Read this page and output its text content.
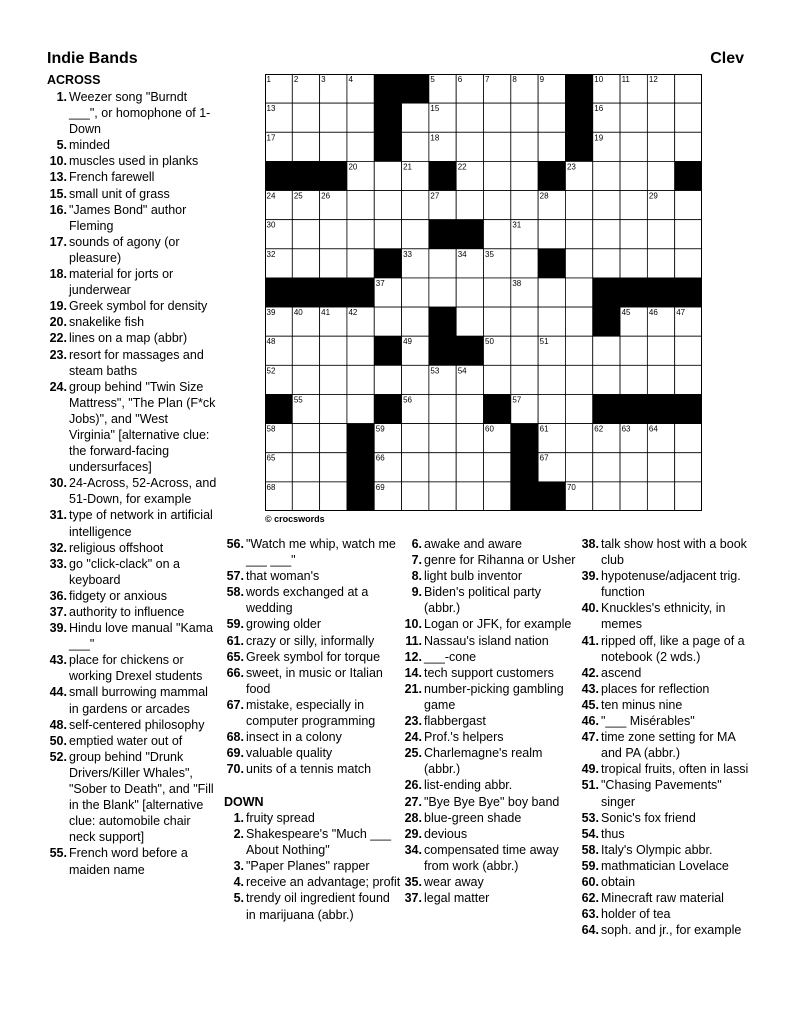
Indie Bands	Clev
ACROSS
1. Weezer song "Burndt ___", or homophone of 1-Down
5. minded
10. muscles used in planks
13. French farewell
15. small unit of grass
16. "James Bond" author Fleming
17. sounds of agony (or pleasure)
18. material for jorts or junderwear
19. Greek symbol for density
20. snakelike fish
22. lines on a map (abbr)
23. resort for massages and steam baths
24. group behind "Twin Size Mattress", "The Plan (F*ck Jobs)", and "West Virginia" [alternative clue: the forward-facing undersurfaces]
30. 24-Across, 52-Across, and 51-Down, for example
31. type of network in artificial intelligence
32. religious offshoot
33. go "click-clack" on a keyboard
36. fidgety or anxious
37. authority to influence
39. Hindu love manual "Kama ___"
43. place for chickens or working Drexel students
44. small burrowing mammal in gardens or arcades
48. self-centered philosophy
50. emptied water out of
52. group behind "Drunk Drivers/Killer Whales", "Sober to Death", and "Fill in the Blank" [alternative clue: automobile chair neck support]
55. French word before a maiden name
1	2	3	4	5	6	7	8	9	10 11 12
13	14	15	16
17	18	19
20	21	22	23
24 25 26	27	28	29
30	31
32	33	34 35	36
37	38
39 40 41 42	43	44 45 46 47
48	49	50	51
52	53 54
55	56	57
58	59	60	61	62 63 64
65	66	67
68	69	70
© crocswords
56. "Watch me whip, watch me ___ ___"
57. that woman's
58. words exchanged at a wedding
59. growing older
61. crazy or silly, informally
65. Greek symbol for torque
66. sweet, in music or Italian food
67. mistake, especially in computer programming
68. insect in a colony
69. valuable quality
70. units of a tennis match
DOWN
1. fruity spread
2. Shakespeare's "Much ___ About Nothing"
3. "Paper Planes" rapper
4. receive an advantage; profit
5. trendy oil ingredient found in marijuana (abbr.)
6. awake and aware
7. genre for Rihanna or Usher
8. light bulb inventor
9. Biden's political party (abbr.)
10. Logan or JFK, for example
11. Nassau's island nation
12. ___-cone
14. tech support customers
21. number-picking gambling game
23. flabbergast
24. Prof.'s helpers
25. Charlemagne's realm (abbr.)
26. list-ending abbr.
27. "Bye Bye Bye" boy band
28. blue-green shade
29. devious
34. compensated time away from work (abbr.)
35. wear away
37. legal matter
38. talk show host with a book club
39. hypotenuse/adjacent trig. function
40. Knuckles's ethnicity, in memes
41. ripped off, like a page of a notebook (2 wds.)
42. ascend
43. places for reflection
45. ten minus nine
46. "___ Misérables"
47. time zone setting for MA and PA (abbr.)
49. tropical fruits, often in lassi
51. "Chasing Pavements" singer
53. Sonic's fox friend
54. thus
58. Italy's Olympic abbr.
59. mathmatician Lovelace
60. obtain
62. Minecraft raw material
63. holder of tea
64. soph. and jr., for example
